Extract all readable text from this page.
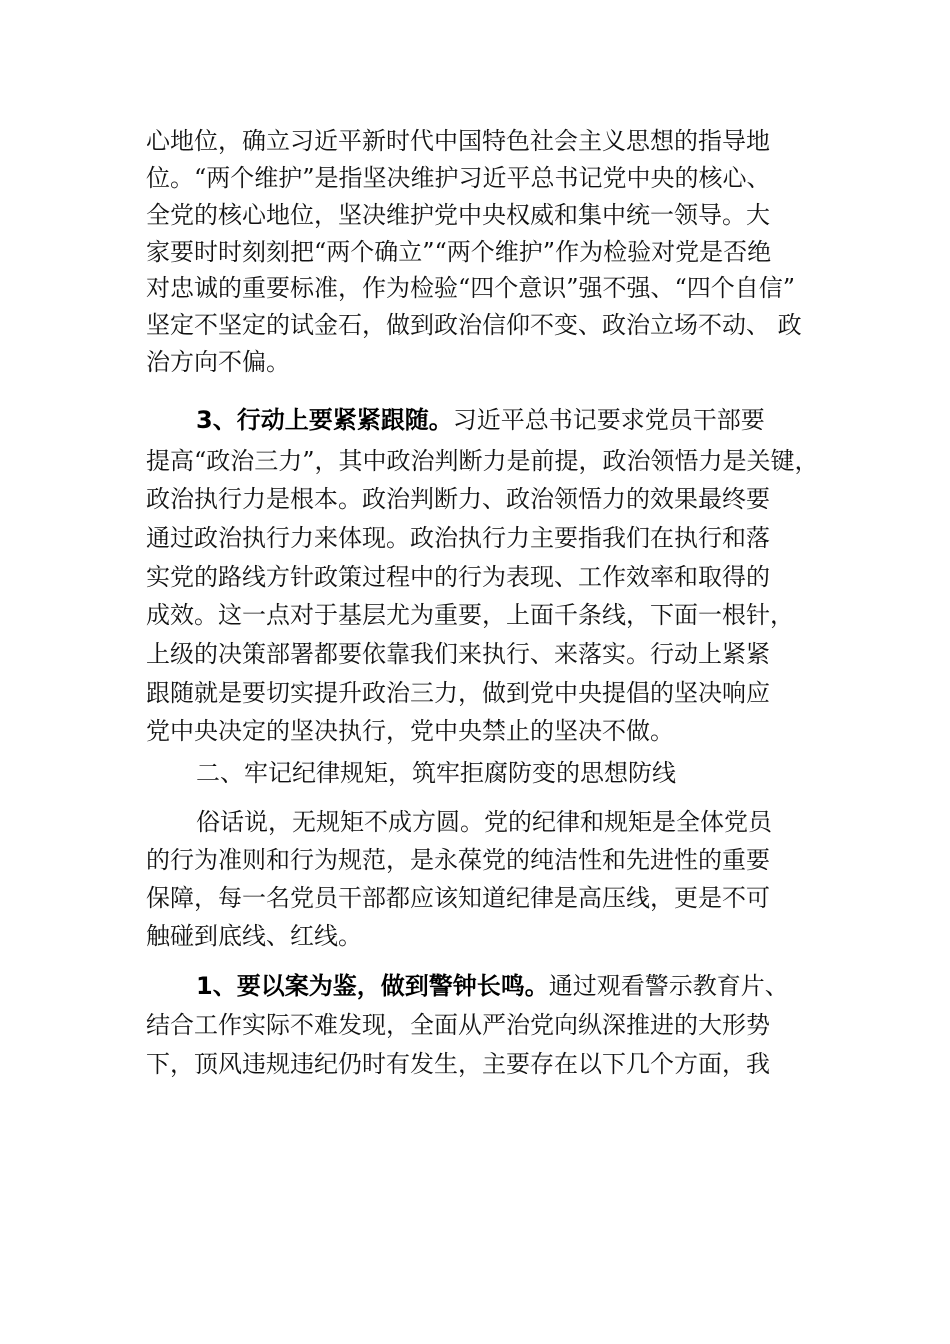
心地位，确立习近平新时代中国特色社会主义思想的指导地
位。“两个维护”是指坚决维护习近平总书记党中央的核心、
全党的核心地位，坚决维护党中央权威和集中统一领导。大
家要时时刻刻把“两个确立”“两个维护”作为检验对党是否绝
对忠诚的重要标准，作为检验“四个意识”强不强、“四个自信”
坚定不坚定的试金石，做到政治信仰不变、政治立场不动、 政
治方向不偏。
3、行动上要紧紧跟随。习近平总书记要求党员干部要
提高“政治三力”，其中政治判断力是前提，政治领悟力是关键，
政治执行力是根本。政治判断力、政治领悟力的效果最终要
通过政治执行力来体现。政治执行力主要指我们在执行和落
实党的路线方针政策过程中的行为表现、工作效率和取得的
成效。这一点对于基层尤为重要，上面千条线，下面一根针，
上级的决策部署都要依靠我们来执行、来落实。行动上紧紧
跟随就是要切实提升政治三力，做到党中央提倡的坚决响应
党中央决定的坚决执行，党中央禁止的坚决不做。
二、牢记纪律规矩，筑牢拒腐防变的思想防线
俗话说，无规矩不成方圆。党的纪律和规矩是全体党员
的行为准则和行为规范，是永葆党的纯洁性和先进性的重要
保障，每一名党员干部都应该知道纪律是高压线，更是不可
触碰到底线、红线。
1、要以案为鉴，做到警钟长鸣。通过观看警示教育片、
结合工作实际不难发现，全面从严治党向纵深推进的大形势
下，顶风违规违纪仍时有发生，主要存在以下几个方面，我
